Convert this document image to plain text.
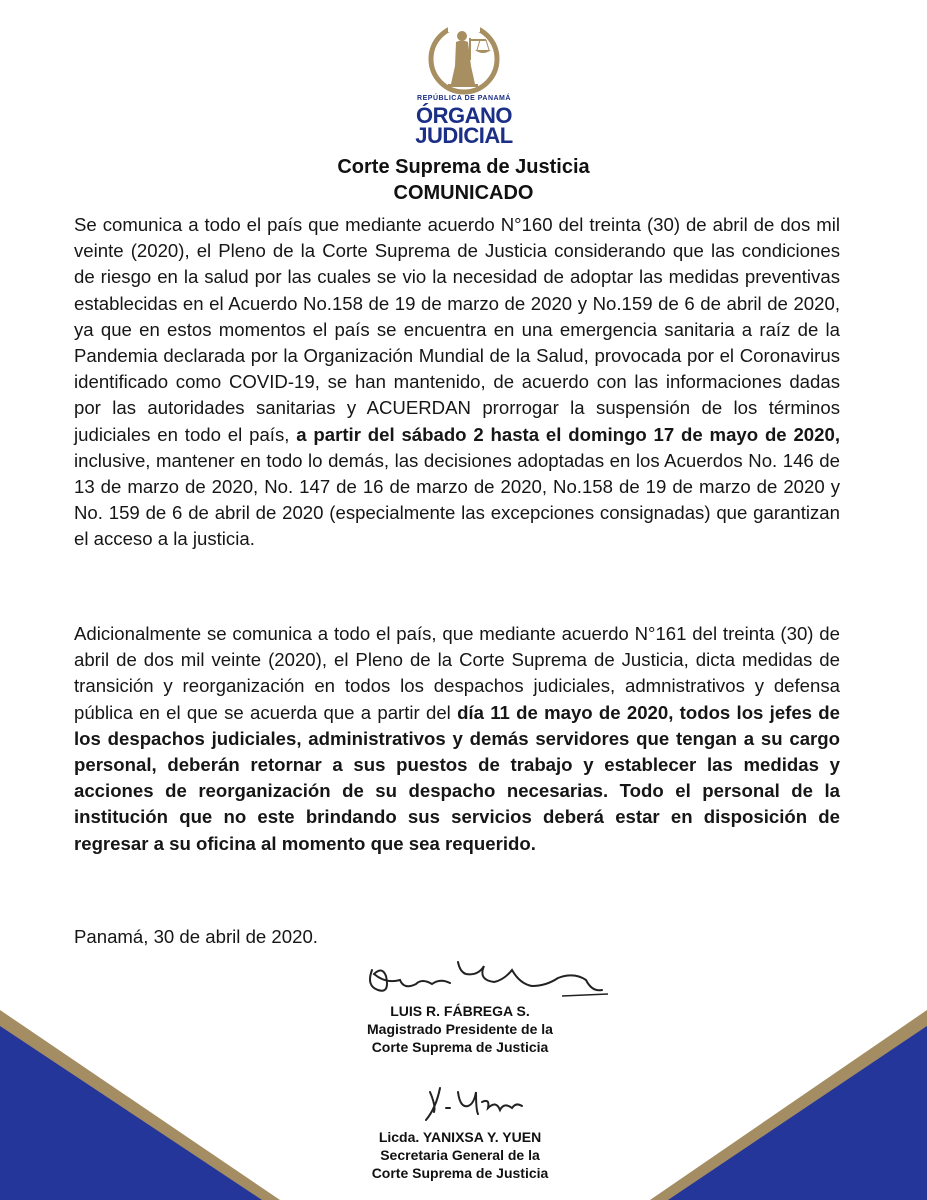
REPÚBLICA DE PANAMÁ
ÓRGANO
JUDICIAL
Corte Suprema de Justicia
COMUNICADO
Se comunica a todo el país que mediante acuerdo N°160 del treinta (30) de abril de dos mil veinte (2020), el Pleno de la Corte Suprema de Justicia considerando que las condiciones de riesgo en la salud por las cuales se vio la necesidad de adoptar las medidas preventivas establecidas en el Acuerdo No.158 de 19 de marzo de 2020 y No.159 de 6 de abril de 2020, ya que en estos momentos el país se encuentra en una emergencia sanitaria a raíz de la Pandemia declarada por la Organización Mundial de la Salud, provocada por el Coronavirus identificado como COVID-19, se han mantenido, de acuerdo con las informaciones dadas por las autoridades sanitarias y ACUERDAN prorrogar la suspensión de los términos judiciales en todo el país, a partir del sábado 2 hasta el domingo 17 de mayo de 2020, inclusive, mantener en todo lo demás, las decisiones adoptadas en los Acuerdos No. 146 de 13 de marzo de 2020, No. 147 de 16 de marzo de 2020, No.158 de 19 de marzo de 2020 y No. 159 de 6 de abril de 2020 (especialmente las excepciones consignadas) que garantizan el acceso a la justicia.
Adicionalmente se comunica a todo el país, que mediante acuerdo N°161 del treinta (30) de abril de dos mil veinte (2020), el Pleno de la Corte Suprema de Justicia, dicta medidas de transición y reorganización en todos los despachos judiciales, admnistrativos y defensa pública en el que se acuerda que a partir del día 11 de mayo de 2020, todos los jefes de los despachos judiciales, administrativos y demás servidores que tengan a su cargo personal, deberán retornar a sus puestos de trabajo y establecer las medidas y acciones de reorganización de su despacho necesarias. Todo el personal de la institución que no este brindando sus servicios deberá estar en disposición de regresar a su oficina al momento que sea requerido.
Panamá, 30 de abril de 2020.
LUIS R. FÁBREGA S.
Magistrado Presidente de la
Corte Suprema de Justicia
Licda. YANIXSA Y. YUEN
Secretaria General de la
Corte Suprema de Justicia
